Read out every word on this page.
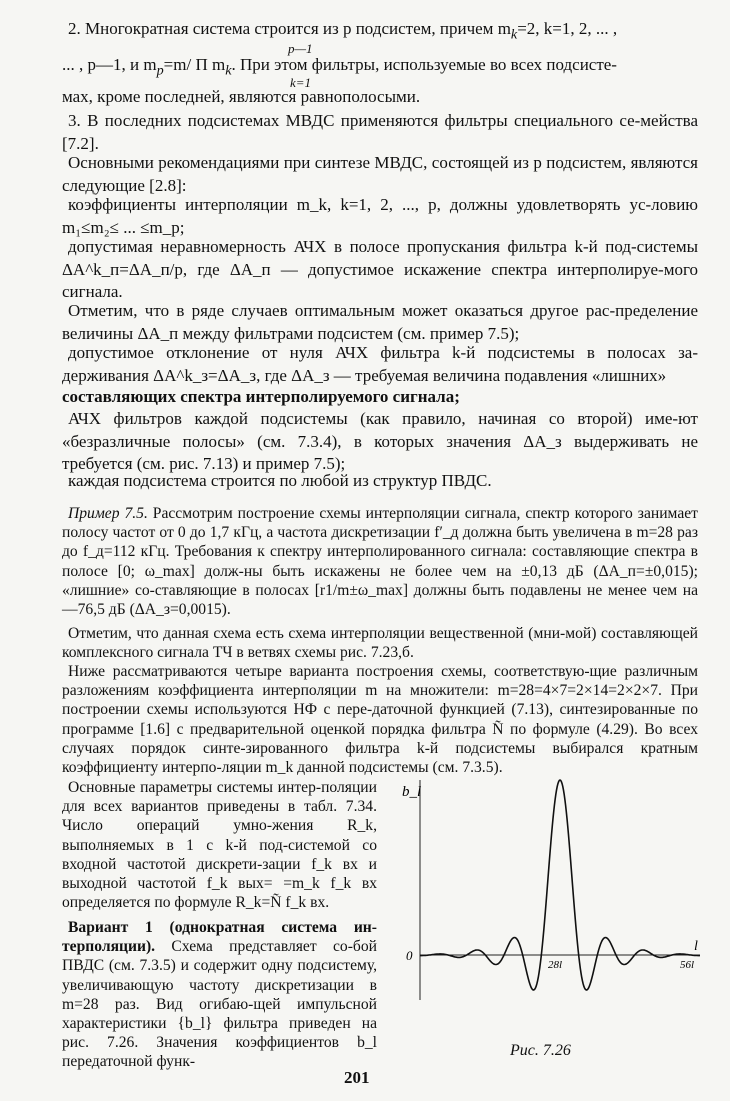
2. Многократная система строится из p подсистем, причем $m_k=2$, k=1, 2, ... ,

p—1

... , p—1, и $m_p=m/$ Π $m_k$. При этом фильтры, используемые во всех подсисте-

k=1

мах, кроме последней, являются равнополосыми.

3. В последних подсистемах МВДС применяются фильтры специального се-мейства [7.2].

Основными рекомендациями при синтезе МВДС, состоящей из p подсистем, являются следующие [2.8]:

коэффициенты интерполяции m_k, k=1, 2, ..., p, должны удовлетворять ус-ловию m₁≤m₂≤ ... ≤m_p;

допустимая неравномерность АЧХ в полосе пропускания фильтра k-й под-системы ΔA^k_п=ΔA_п/p, где ΔA_п — допустимое искажение спектра интерполируе-мого сигнала.

Отметим, что в ряде случаев оптимальным может оказаться другое рас-пределение величины ΔA_п между фильтрами подсистем (см. пример 7.5);

допустимое отклонение от нуля АЧХ фильтра k-й подсистемы в полосах за-держивания ΔA^k_з=ΔA_з, где ΔA_з — требуемая величина подавления «лишних»

составляющих спектра интерполируемого сигнала;

АЧХ фильтров каждой подсистемы (как правило, начиная со второй) име-ют «безразличные полосы» (см. 7.3.4), в которых значения ΔA_з выдерживать не требуется (см. рис. 7.13) и пример 7.5);

каждая подсистема строится по любой из структур ПВДС.

Пример 7.5. Рассмотрим построение схемы интерполяции сигнала, спектр которого занимает полосу частот от 0 до 1,7 кГц, а частота дискретизации f′_д должна быть увеличена в m=28 раз до f_д=112 кГц. Требования к спектру интерполированного сигнала: составляющие спектра в полосе [0; ω_max] долж-ны быть искажены не более чем на ±0,13 дБ (ΔA_п=±0,015); «лишние» со-ставляющие в полосах [r1/m±ω_max] должны быть подавлены не менее чем на —76,5 дБ (ΔA_з=0,0015).

Отметим, что данная схема есть схема интерполяции вещественной (мни-мой) составляющей комплексного сигнала ТЧ в ветвях схемы рис. 7.23,б.

Ниже рассматриваются четыре варианта построения схемы, соответствую-щие различным разложениям коэффициента интерполяции m на множители: m=28=4×7=2×14=2×2×7. При построении схемы используются НФ с пере-даточной функцией (7.13), синтезированные по программе [1.6] с предварительной оценкой порядка фильтра Ñ по формуле (4.29). Во всех случаях порядок синте-зированного фильтра k-й подсистемы выбирался кратным коэффициенту интерпо-ляции m_k данной подсистемы (см. 7.3.5).

Основные параметры системы интер-поляции для всех вариантов приведены в табл. 7.34. Число операций умно-жения R_k, выполняемых в 1 с k-й под-системой со входной частотой дискрети-зации f_k вх и выходной частотой f_k вых= =m_k f_k вх определяется по формуле R_k=Ñ f_k вх.

Вариант 1 (однократная система ин-терполяции). Схема представляет со-бой ПВДС (см. 7.3.5) и содержит одну подсистему, увеличивающую частоту дискретизации в m=28 раз. Вид огибаю-щей импульсной характеристики {b_l} фильтра приведен на рис. 7.26. Значения коэффициентов b_l передаточной функ-

b_l
0
l
28l	56l
Рис. 7.26
201
